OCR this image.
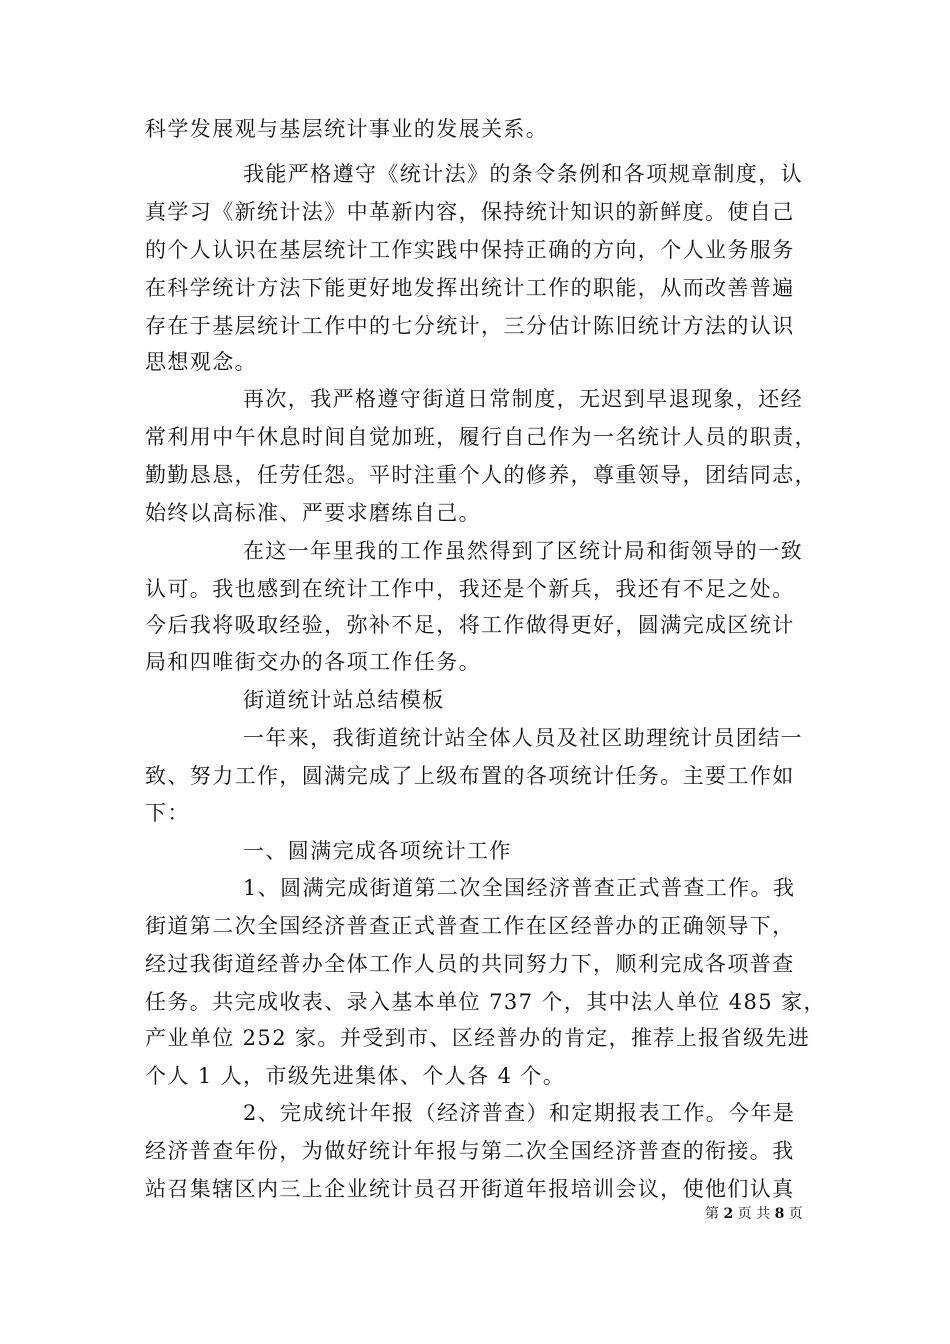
科学发展观与基层统计事业的发展关系。
我能严格遵守《统计法》的条令条例和各项规章制度，认
真学习《新统计法》中革新内容，保持统计知识的新鲜度。使自己
的个人认识在基层统计工作实践中保持正确的方向，个人业务服务
在科学统计方法下能更好地发挥出统计工作的职能，从而改善普遍
存在于基层统计工作中的七分统计，三分估计陈旧统计方法的认识
思想观念。
再次，我严格遵守街道日常制度，无迟到早退现象，还经
常利用中午休息时间自觉加班，履行自己作为一名统计人员的职责，
勤勤恳恳，任劳任怨。平时注重个人的修养，尊重领导，团结同志，
始终以高标准、严要求磨练自己。
在这一年里我的工作虽然得到了区统计局和街领导的一致
认可。我也感到在统计工作中，我还是个新兵，我还有不足之处。
今后我将吸取经验，弥补不足，将工作做得更好，圆满完成区统计
局和四唯街交办的各项工作任务。
街道统计站总结模板
一年来，我街道统计站全体人员及社区助理统计员团结一
致、努力工作，圆满完成了上级布置的各项统计任务。主要工作如
下：
一、圆满完成各项统计工作
1、圆满完成街道第二次全国经济普查正式普查工作。我
街道第二次全国经济普查正式普查工作在区经普办的正确领导下，
经过我街道经普办全体工作人员的共同努力下，顺利完成各项普查
任务。共完成收表、录入基本单位 737 个，其中法人单位 485 家，
产业单位 252 家。并受到市、区经普办的肯定，推荐上报省级先进
个人 1 人，市级先进集体、个人各 4 个。
2、完成统计年报（经济普查）和定期报表工作。今年是
经济普查年份，为做好统计年报与第二次全国经济普查的衔接。我
站召集辖区内三上企业统计员召开街道年报培训会议，使他们认真
第 2 页 共 8 页
